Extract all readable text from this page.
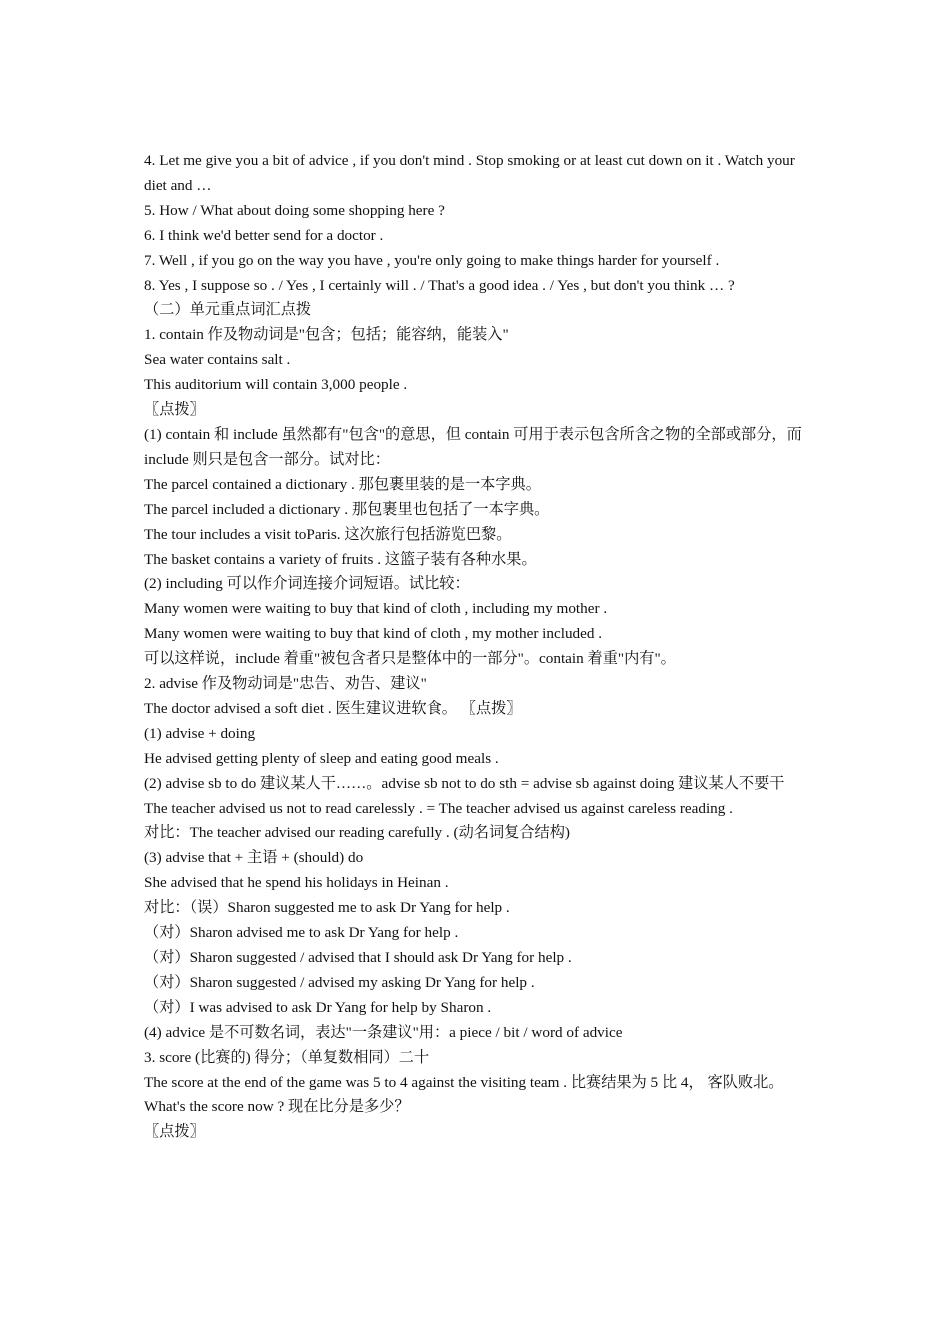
4. Let me give you a bit of advice , if you don't mind . Stop smoking or at least cut down on it . Watch your diet and …

5. How / What about doing some shopping here ?

6. I think we'd better send for a doctor .

7. Well , if you go on the way you have , you're only going to make things harder for yourself .

8. Yes , I suppose so . / Yes , I certainly will . / That's a good idea . / Yes , but don't you think … ?

（二）单元重点词汇点拨

1. contain 作及物动词是"包含；包括；能容纳，能装入"

Sea water contains salt .

This auditorium will contain 3,000 people .

〖点拨〗

(1) contain 和 include 虽然都有"包含"的意思，但 contain 可用于表示包含所含之物的全部或部分，而 include 则只是包含一部分。试对比：

The parcel contained a dictionary . 那包裹里装的是一本字典。

The parcel included a dictionary . 那包裹里也包括了一本字典。

The tour includes a visit toParis. 这次旅行包括游览巴黎。

The basket contains a variety of fruits . 这篮子装有各种水果。

(2) including 可以作介词连接介词短语。试比较：

Many women were waiting to buy that kind of cloth , including my mother .

Many women were waiting to buy that kind of cloth , my mother included .

可以这样说，include 着重"被包含者只是整体中的一部分"。contain 着重"内有"。

2. advise 作及物动词是"忠告、劝告、建议"

The doctor advised a soft diet . 医生建议进软食。 〖点拨〗

(1) advise + doing

He advised getting plenty of sleep and eating good meals .

(2) advise sb to do 建议某人干……。advise sb not to do sth = advise sb against doing 建议某人不要干

The teacher advised us not to read carelessly . = The teacher advised us against careless reading .

对比：The teacher advised our reading carefully . (动名词复合结构)

(3) advise that + 主语 + (should) do

She advised that he spend his holidays in Heinan .

对比：（误）Sharon suggested me to ask Dr Yang for help .

（对）Sharon advised me to ask Dr Yang for help .

（对）Sharon suggested / advised that I should ask Dr Yang for help .

（对）Sharon suggested / advised my asking Dr Yang for help .

（对）I was advised to ask Dr Yang for help by Sharon .

(4) advice 是不可数名词，表达"一条建议"用：a piece / bit / word of advice

3. score (比赛的) 得分；（单复数相同）二十

The score at the end of the game was 5 to 4 against the visiting team . 比赛结果为 5 比 4， 客队败北。

What's the score now ? 现在比分是多少？

〖点拨〗
